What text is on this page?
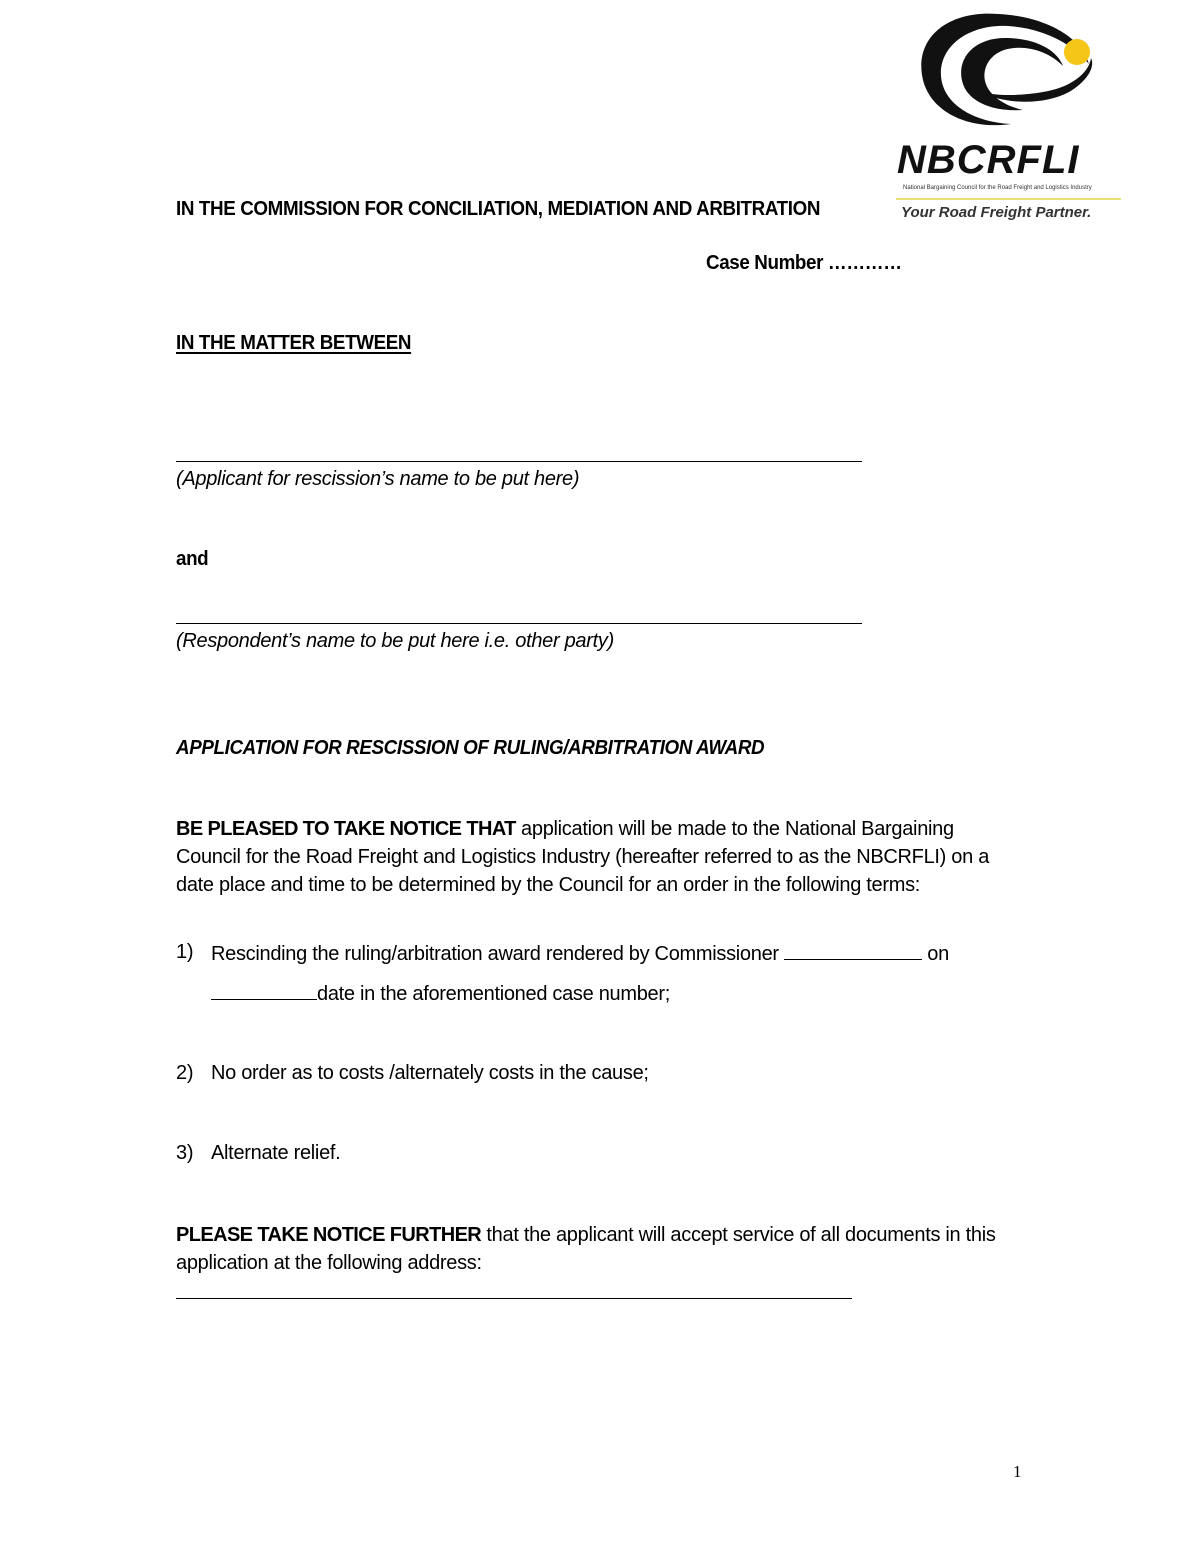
NBCRFLI
National Bargaining Council for the Road Freight and Logistics Industry
Your Road Freight Partner.
IN THE COMMISSION FOR CONCILIATION, MEDIATION AND ARBITRATION
Case Number …………
IN THE MATTER BETWEEN
(Applicant for rescission’s name to be put here)
and
(Respondent’s name to be put here i.e. other party)
APPLICATION FOR RESCISSION OF RULING/ARBITRATION AWARD
BE PLEASED TO TAKE NOTICE THAT application will be made to the National Bargaining Council for the Road Freight and Logistics Industry (hereafter referred to as the NBCRFLI) on a date place and time to be determined by the Council for an order in the following terms:
1) Rescinding the ruling/arbitration award rendered by Commissioner	on
date in the aforementioned case number;
2) No order as to costs /alternately costs in the cause;
3) Alternate relief.
PLEASE TAKE NOTICE FURTHER that the applicant will accept service of all documents in this application at the following address:
1
